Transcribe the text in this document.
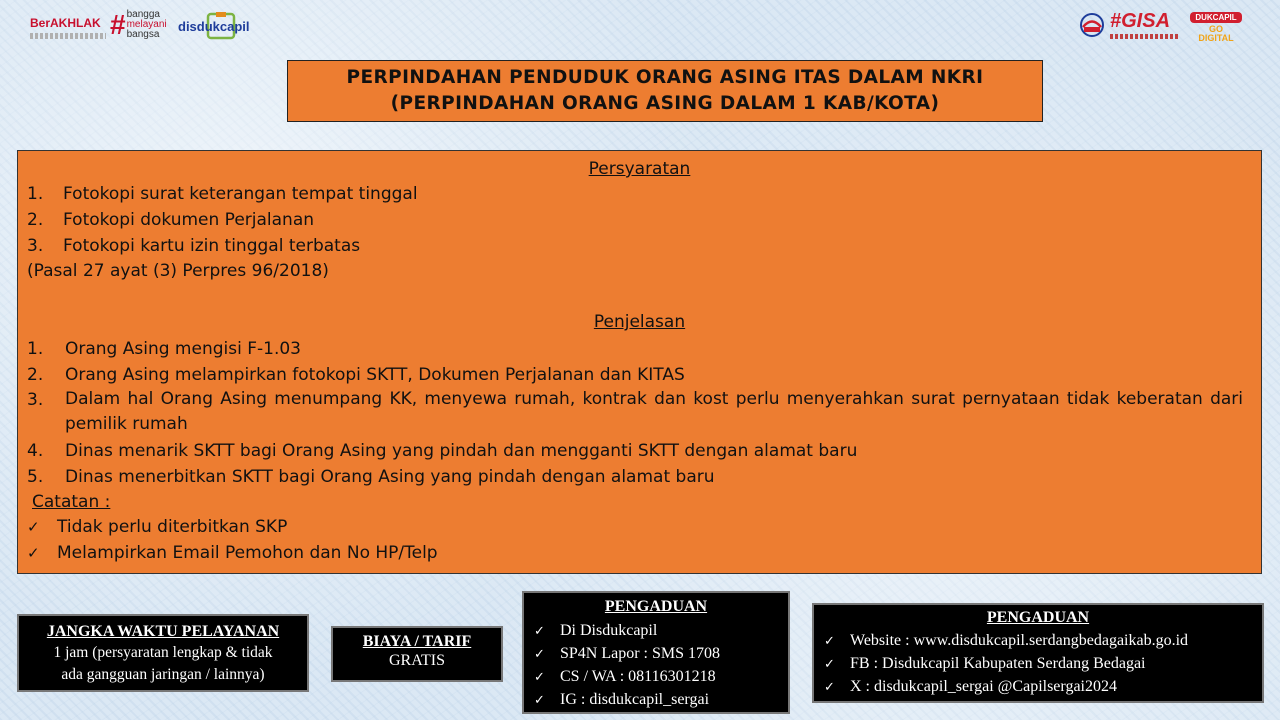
BerAKHLAK # bangga
melayani
bangsa
disdukcapil	#GISA	DUKCAPIL
GO
DIGITAL
PERPINDAHAN PENDUDUK ORANG ASING ITAS DALAM NKRI
(PERPINDAHAN ORANG ASING DALAM 1 KAB/KOTA)
Persyaratan
1. Fotokopi surat keterangan tempat tinggal
2. Fotokopi dokumen Perjalanan
3. Fotokopi kartu izin tinggal terbatas
(Pasal 27 ayat (3) Perpres 96/2018)
Penjelasan
1. Orang Asing mengisi F-1.03
2. Orang Asing melampirkan fotokopi SKTT, Dokumen Perjalanan dan KITAS
3. Dalam hal Orang Asing menumpang KK, menyewa rumah, kontrak dan kost perlu menyerahkan surat pernyataan tidak keberatan dari pemilik rumah
4. Dinas menarik SKTT bagi Orang Asing yang pindah dan mengganti SKTT dengan alamat baru
5. Dinas menerbitkan SKTT bagi Orang Asing yang pindah dengan alamat baru
Catatan :
✓ Tidak perlu diterbitkan SKP
✓ Melampirkan Email Pemohon dan No HP/Telp
JANGKA WAKTU PELAYANAN
1 jam (persyaratan lengkap & tidak
ada gangguan jaringan / lainnya)
BIAYA / TARIF
GRATIS
PENGADUAN
✓ Di Disdukcapil
✓ SP4N Lapor : SMS 1708
✓ CS / WA : 08116301218
✓ IG : disdukcapil_sergai
PENGADUAN
✓ Website : www.disdukcapil.serdangbedagaikab.go.id
✓ FB : Disdukcapil Kabupaten Serdang Bedagai
✓ X : disdukcapil_sergai @Capilsergai2024
